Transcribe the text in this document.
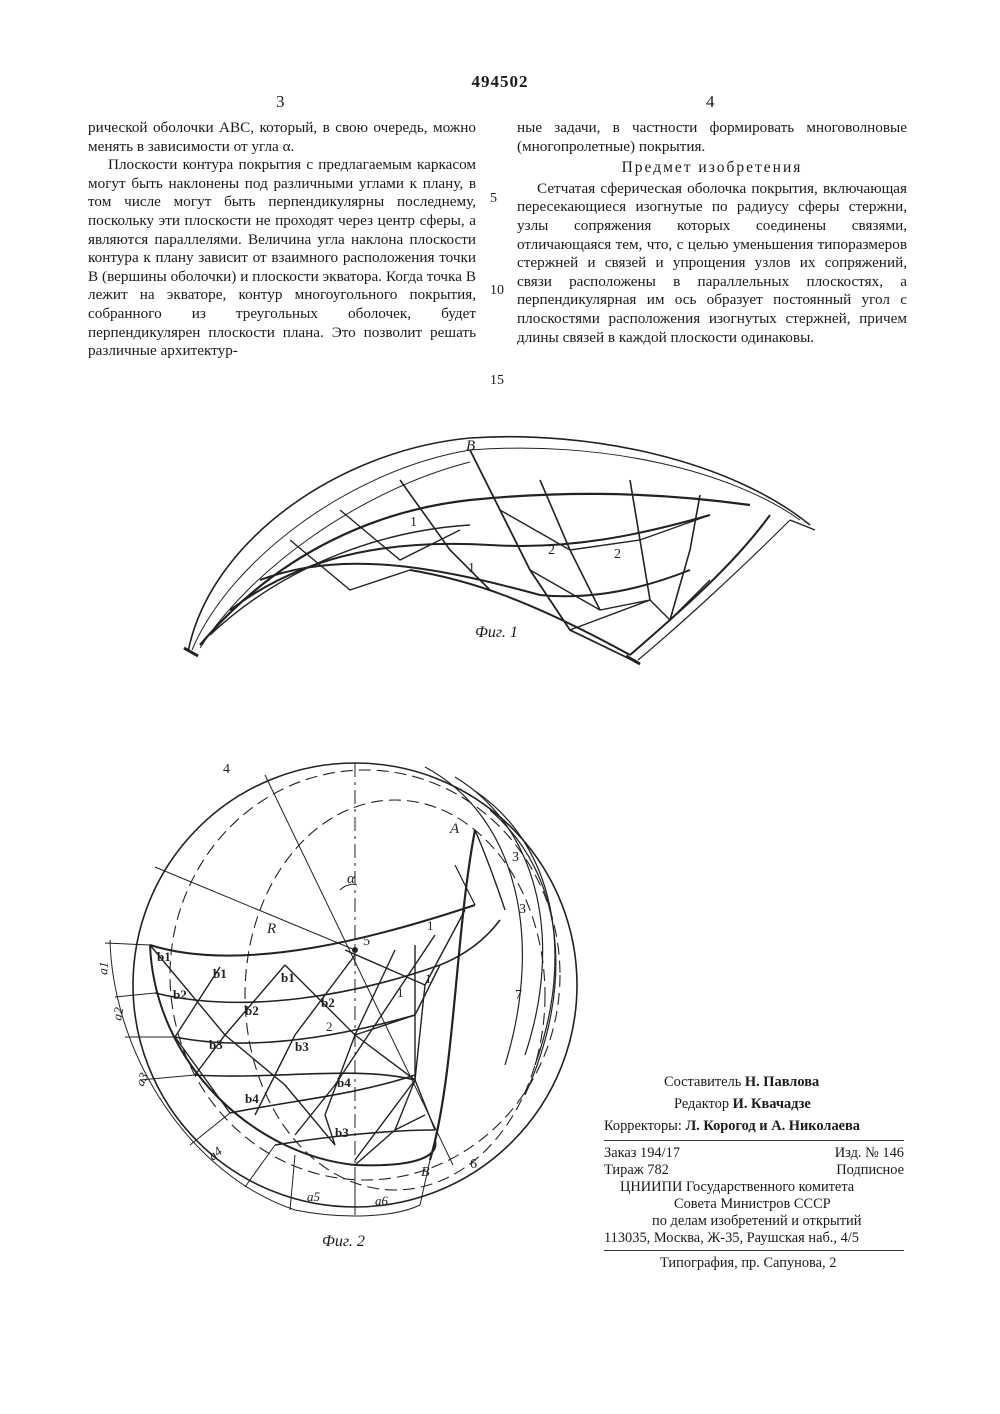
494502
3	4

рической оболочки АВС, который, в свою очередь, можно менять в зависимости от угла α.

Плоскости контура покрытия с предлагаемым каркасом могут быть наклонены под различными углами к плану, в том числе могут быть перпендикулярны последнему, поскольку эти плоскости не проходят через центр сферы, а являются параллелями. Величина угла наклона плоскости контура к плану зависит от взаимного расположения точки В (вершины оболочки) и плоскости экватора. Когда точка В лежит на экваторе, контур многоугольного покрытия, собранного из треугольных оболочек, будет перпендикулярен плоскости плана. Это позволит решать различные архитектур-

5
10
15

ные задачи, в частности формировать многоволновые (многопролетные) покрытия.

Предмет изобретения

Сетчатая сферическая оболочка покрытия, включающая пересекающиеся изогнутые по радиусу сферы стержни, узлы сопряжения которых соединены связями, отличающаяся тем, что, с целью уменьшения типоразмеров стержней и связей и упрощения узлов их сопряжений, связи расположены в параллельных плоскостях, а перпендикулярная им ось образует постоянный угол с плоскостями расположения изогнутых стержней, причем длины связей в каждой плоскости одинаковы.

B
1
1
2	2
Фиг. 1
A
B
R
α
3
3
4
5
6
7
1
1
1
2
b1
b1	b1
b2
b2
b2
b3	b3
b3
b4
b4
a1
a2
a3
a4
a5	a6
Фиг. 2
Составитель Н. Павлова
Редактор И. Квачадзе
Корректоры: Л. Корогод и А. Николаева
Заказ 194/17	Изд. № 146
Тираж 782	Подписное
ЦНИИПИ Государственного комитета
Совета Министров СССР
по делам изобретений и открытий
113035, Москва, Ж-35, Раушская наб., 4/5
Типография, пр. Сапунова, 2
